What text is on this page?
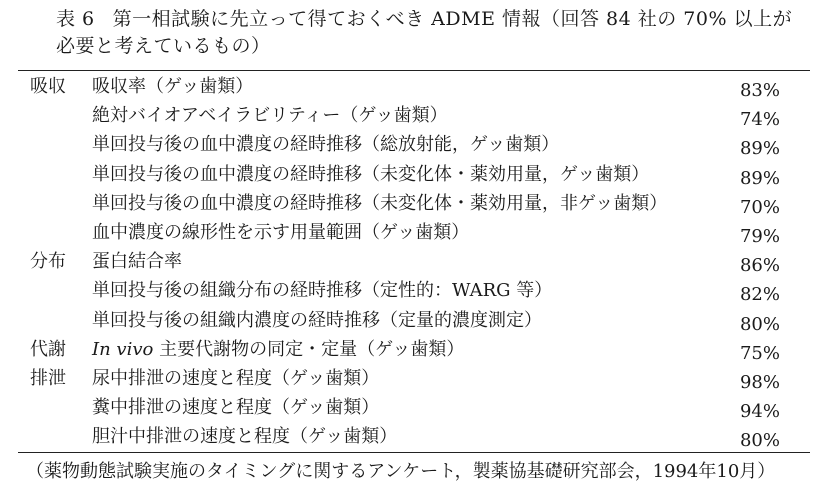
表 6 第一相試験に先立って得ておくべき ADME 情報（回答 84 社の 70% 以上が
必要と考えているもの）
吸収 吸収率（ゲッ歯類）	83%
絶対バイオアベイラビリティー（ゲッ歯類）	74%
単回投与後の血中濃度の経時推移（総放射能，ゲッ歯類）	89%
単回投与後の血中濃度の経時推移（未変化体・薬効用量，ゲッ歯類）	89%
単回投与後の血中濃度の経時推移（未変化体・薬効用量，非ゲッ歯類）	70%
血中濃度の線形性を示す用量範囲（ゲッ歯類）	79%
分布 蛋白結合率	86%
単回投与後の組織分布の経時推移（定性的：WARG 等）	82%
単回投与後の組織内濃度の経時推移（定量的濃度測定）	80%
代謝 In vivo 主要代謝物の同定・定量（ゲッ歯類）	75%
排泄 尿中排泄の速度と程度（ゲッ歯類）	98%
糞中排泄の速度と程度（ゲッ歯類）	94%
胆汁中排泄の速度と程度（ゲッ歯類）	80%
（薬物動態試験実施のタイミングに関するアンケート，製薬協基礎研究部会，1994年10月）
